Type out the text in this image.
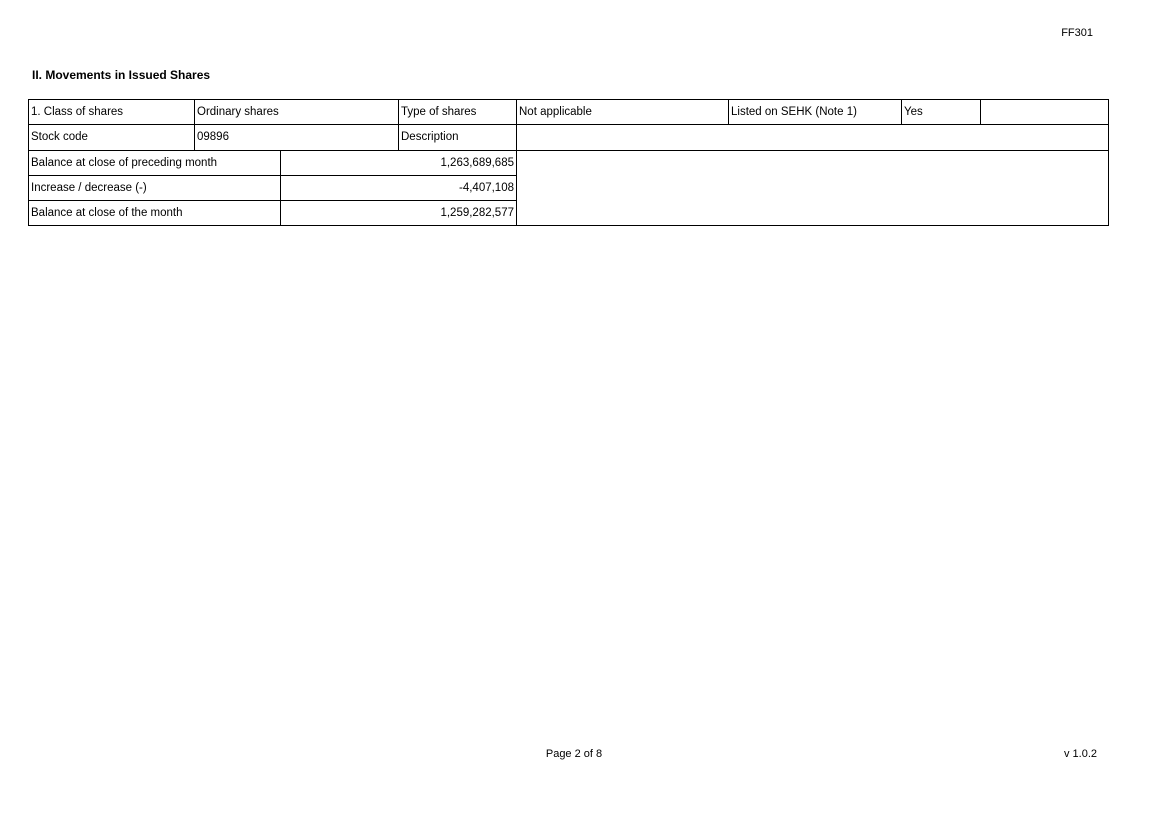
FF301
II. Movements in Issued Shares
1. Class of shares	Ordinary shares	Type of shares	Not applicable	Listed on SEHK (Note 1)	Yes
Stock code	09896	Description
Balance at close of preceding month	1,263,689,685
Increase / decrease (-)	-4,407,108
Balance at close of the month	1,259,282,577
Page 2 of 8	v 1.0.2
